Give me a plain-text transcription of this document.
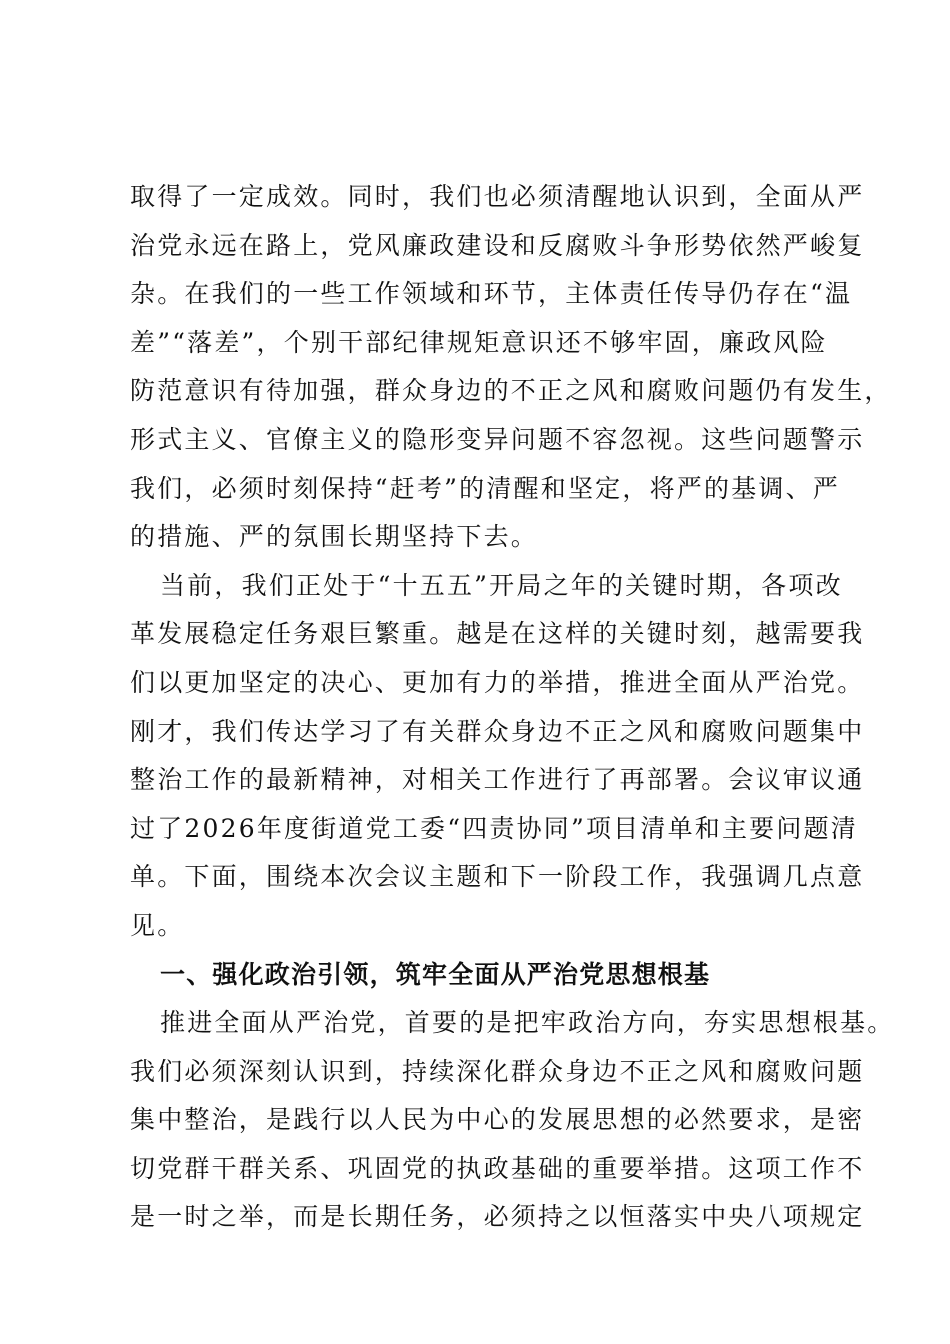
取得了一定成效。同时，我们也必须清醒地认识到，全面从严
治党永远在路上，党风廉政建设和反腐败斗争形势依然严峻复
杂。在我们的一些工作领域和环节，主体责任传导仍存在“温
差”“落差”，个别干部纪律规矩意识还不够牢固，廉政风险
防范意识有待加强，群众身边的不正之风和腐败问题仍有发生，
形式主义、官僚主义的隐形变异问题不容忽视。这些问题警示
我们，必须时刻保持“赶考”的清醒和坚定，将严的基调、严
的措施、严的氛围长期坚持下去。
当前，我们正处于“十五五”开局之年的关键时期，各项改
革发展稳定任务艰巨繁重。越是在这样的关键时刻，越需要我
们以更加坚定的决心、更加有力的举措，推进全面从严治党。
刚才，我们传达学习了有关群众身边不正之风和腐败问题集中
整治工作的最新精神，对相关工作进行了再部署。会议审议通
过了2026年度街道党工委“四责协同”项目清单和主要问题清
单。下面，围绕本次会议主题和下一阶段工作，我强调几点意
见。
一、强化政治引领，筑牢全面从严治党思想根基
推进全面从严治党，首要的是把牢政治方向，夯实思想根基。
我们必须深刻认识到，持续深化群众身边不正之风和腐败问题
集中整治，是践行以人民为中心的发展思想的必然要求，是密
切党群干群关系、巩固党的执政基础的重要举措。这项工作不
是一时之举，而是长期任务，必须持之以恒落实中央八项规定
